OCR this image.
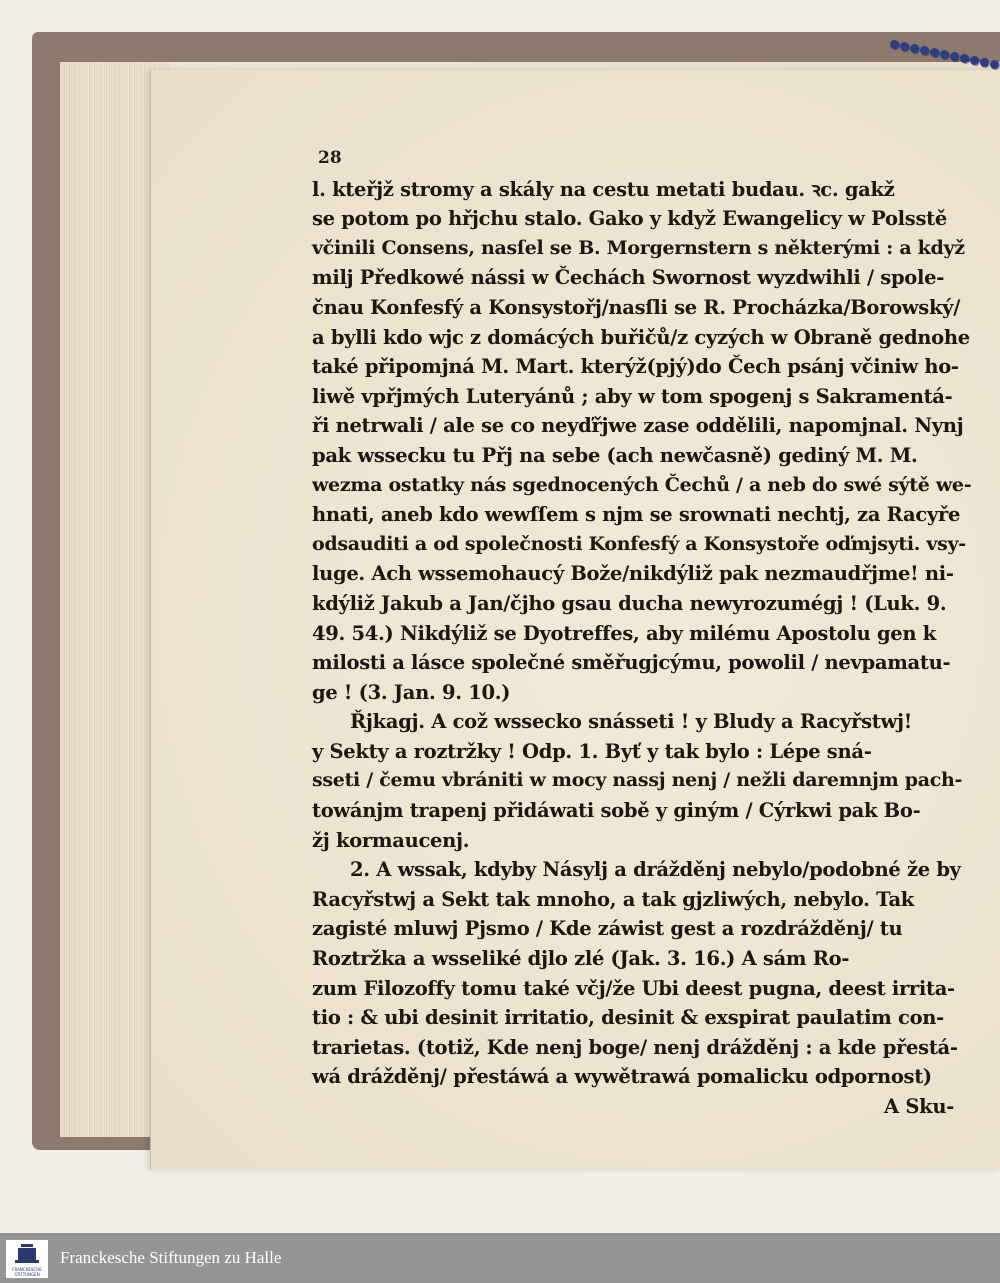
l. kteřjž stromy a skály na cestu metati budau. ꝛc. gakž
se potom po hřjchu stalo. Gako y když Ewangelicy w Polsstě
včinili Consens, nasſel se B. Morgernstern s některými : a když
milj Předkowé nássi w Čechách Swornost wyzdwihli / spole-
čnau Konfesfý a Konsystořj/nasſli se R. Procházka/Borowský/
a bylli kdo wjc z domácých buřičů/z cyzých w Obraně gednohe
také připomjná M. Mart. kterýž(pjý)do Čech psánj včiniw ho-
liwě vpřjmých Luteryánů ; aby w tom spogenj s Sakramentá-
ři netrwali / ale se co neyďřjwe zase oddělili, napomjnal. Nynj
pak wssecku tu Přj na sebe (ach newčasně) gediný M. M.
wezma ostatky nás sgednocených Čechů / a neb do swé sýtě we-
hnati, aneb kdo wewſſem s njm se srownati nechtj, za Racyře
odsauditi a od společnosti Konfesfý a Konsystoře oďmjsyti. vsy-
luge. Ach wssemohaucý Bože/nikdýliž pak nezmaudřjme! ni-
kdýliž Jakub a Jan/čjho gsau ducha newyrozumégj ! (Luk. 9.
49. 54.) Nikdýliž se Dyotreffes, aby milému Apostolu gen k
milosti a lásce společné směřugjcýmu, powolil / nevpamatu-
ge ! (3. Jan. 9. 10.)
Řjkagj. A což wssecko snásseti ! y Bludy a Racyřstwj!
y Sekty a roztržky ! Odp. 1. Byť y tak bylo : Lépe sná-
sseti / čemu vbrániti w mocy nassj nenj / nežli daremnjm pach-
towánjm trapenj přidáwati sobě y giným / Cýrkwi pak Bo-
žj kormaucenj.
2. A wssak, kdyby Násylj a drážděnj nebylo/podobné že by
Racyřstwj a Sekt tak mnoho, a tak gjzliwých, nebylo. Tak
zagisté mluwj Pjsmo / Kde záwist gest a rozdrážděnj/ tu
Roztržka a wsseliké djlo zlé (Jak. 3. 16.) A sám Ro-
zum Filozoffy tomu také včj/že Ubi deest pugna, deest irrita-
tio : & ubi desinit irritatio, desinit & exspirat paulatim con-
trarietas. (totiž, Kde nenj boge/ nenj drážděnj : a kde přestá-
wá drážděnj/ přestáwá a wywětrawá pomalicku odpornost)
A Sku-
28
FRANCKESCHE STIFTUNGEN
Franckesche Stiftungen zu Halle
